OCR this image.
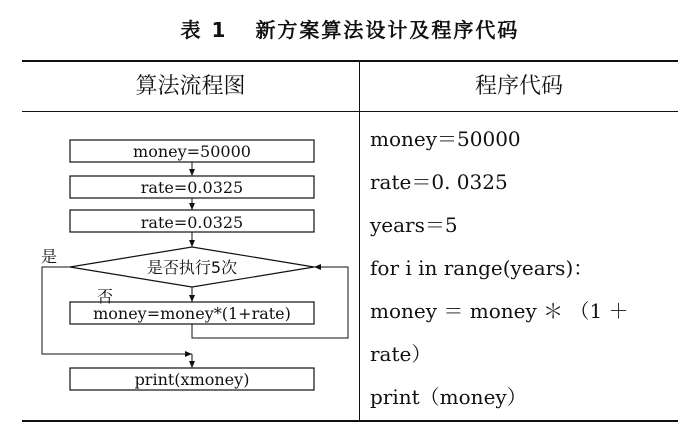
表 1 新方案算法设计及程序代码
算法流程图	程序代码
money=50000
rate=0.0325
rate=0.0325
是否执行5次
是
否
money=money*(1+rate)
print(xmoney)
money＝50000
rate＝0. 0325
years＝5
for i in range(years)：
money ＝ money ＊ （1 ＋
rate）
print（money）
